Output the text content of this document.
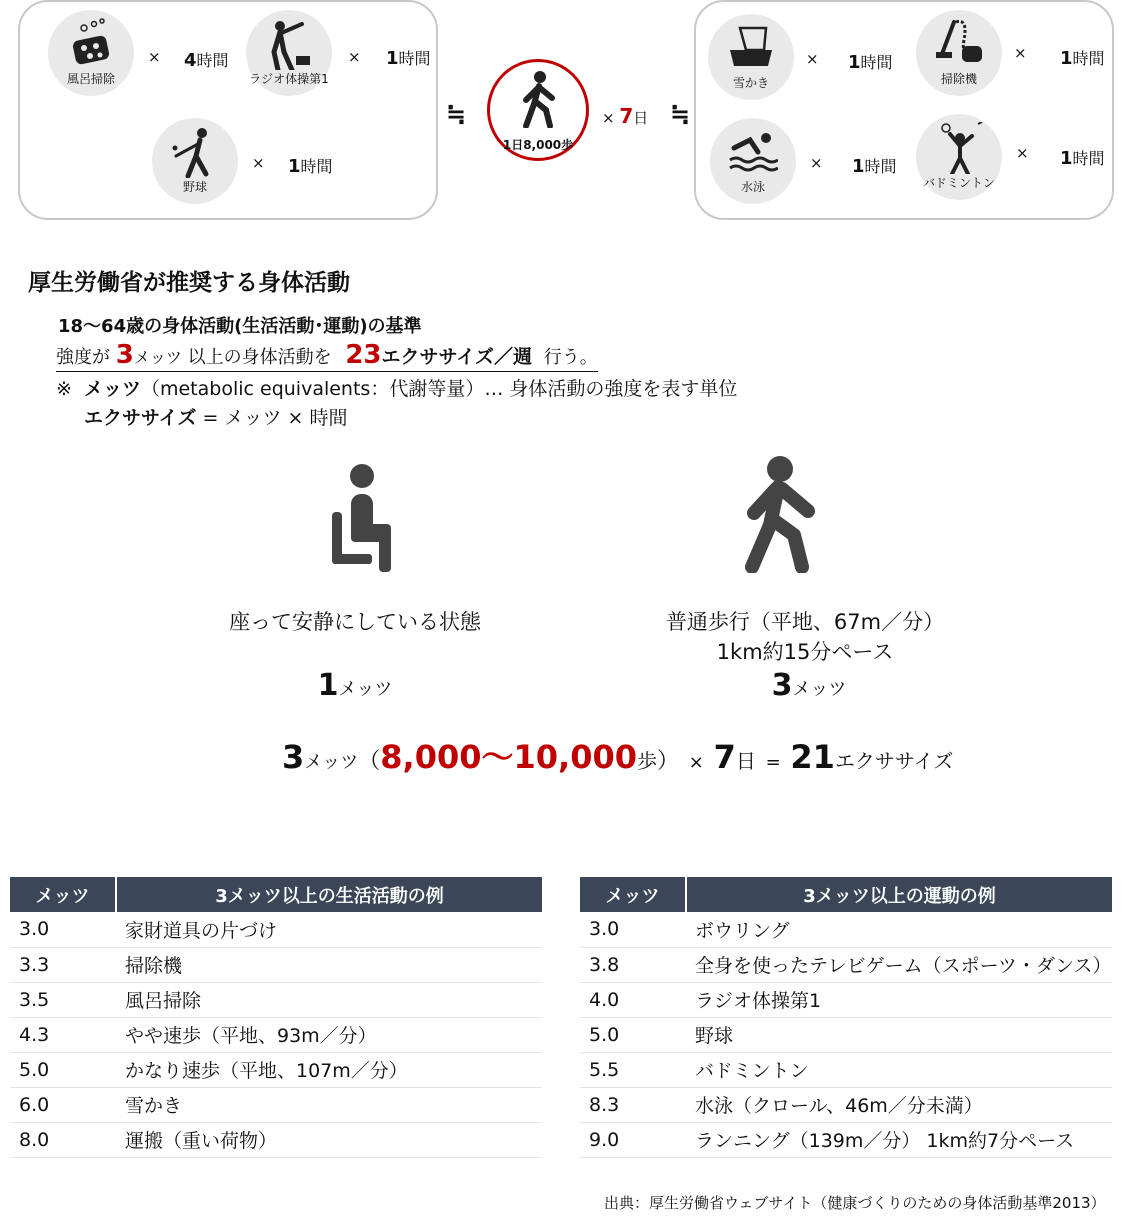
風呂掃除
× 4時間
ラジオ体操第1
× 1時間
野球
× 1時間
≒
1日8,000歩
× 7日 ≒
雪かき
× 1時間
掃除機
× 1時間
水泳
× 1時間
バドミントン
× 1時間
厚生労働省が推奨する身体活動
18～64歳の身体活動(生活活動･運動)の基準
強度が 3メッツ 以上の身体活動を 23エクササイズ／週 行う。
※ メッツ（metabolic equivalents：代謝等量）… 身体活動の強度を表す単位
エクササイズ = メッツ × 時間
座って安静にしている状態	普通歩行（平地、67m／分）
1km約15分ペース
1メッツ	3メッツ
3メッツ（8,000～10,000歩） × 7日 = 21エクササイズ
メッツ	3メッツ以上の生活活動の例
3.0	家財道具の片づけ
3.3	掃除機
3.5	風呂掃除
4.3	やや速歩（平地、93m／分）
5.0	かなり速歩（平地、107m／分）
6.0	雪かき
8.0	運搬（重い荷物）
メッツ	3メッツ以上の運動の例
3.0	ボウリング
3.8	全身を使ったテレビゲーム（スポーツ・ダンス）
4.0	ラジオ体操第1
5.0	野球
5.5	バドミントン
8.3	水泳（クロール、46m／分未満）
9.0	ランニング（139m／分） 1km約7分ペース
出典：厚生労働省ウェブサイト（健康づくりのための身体活動基準2013）
